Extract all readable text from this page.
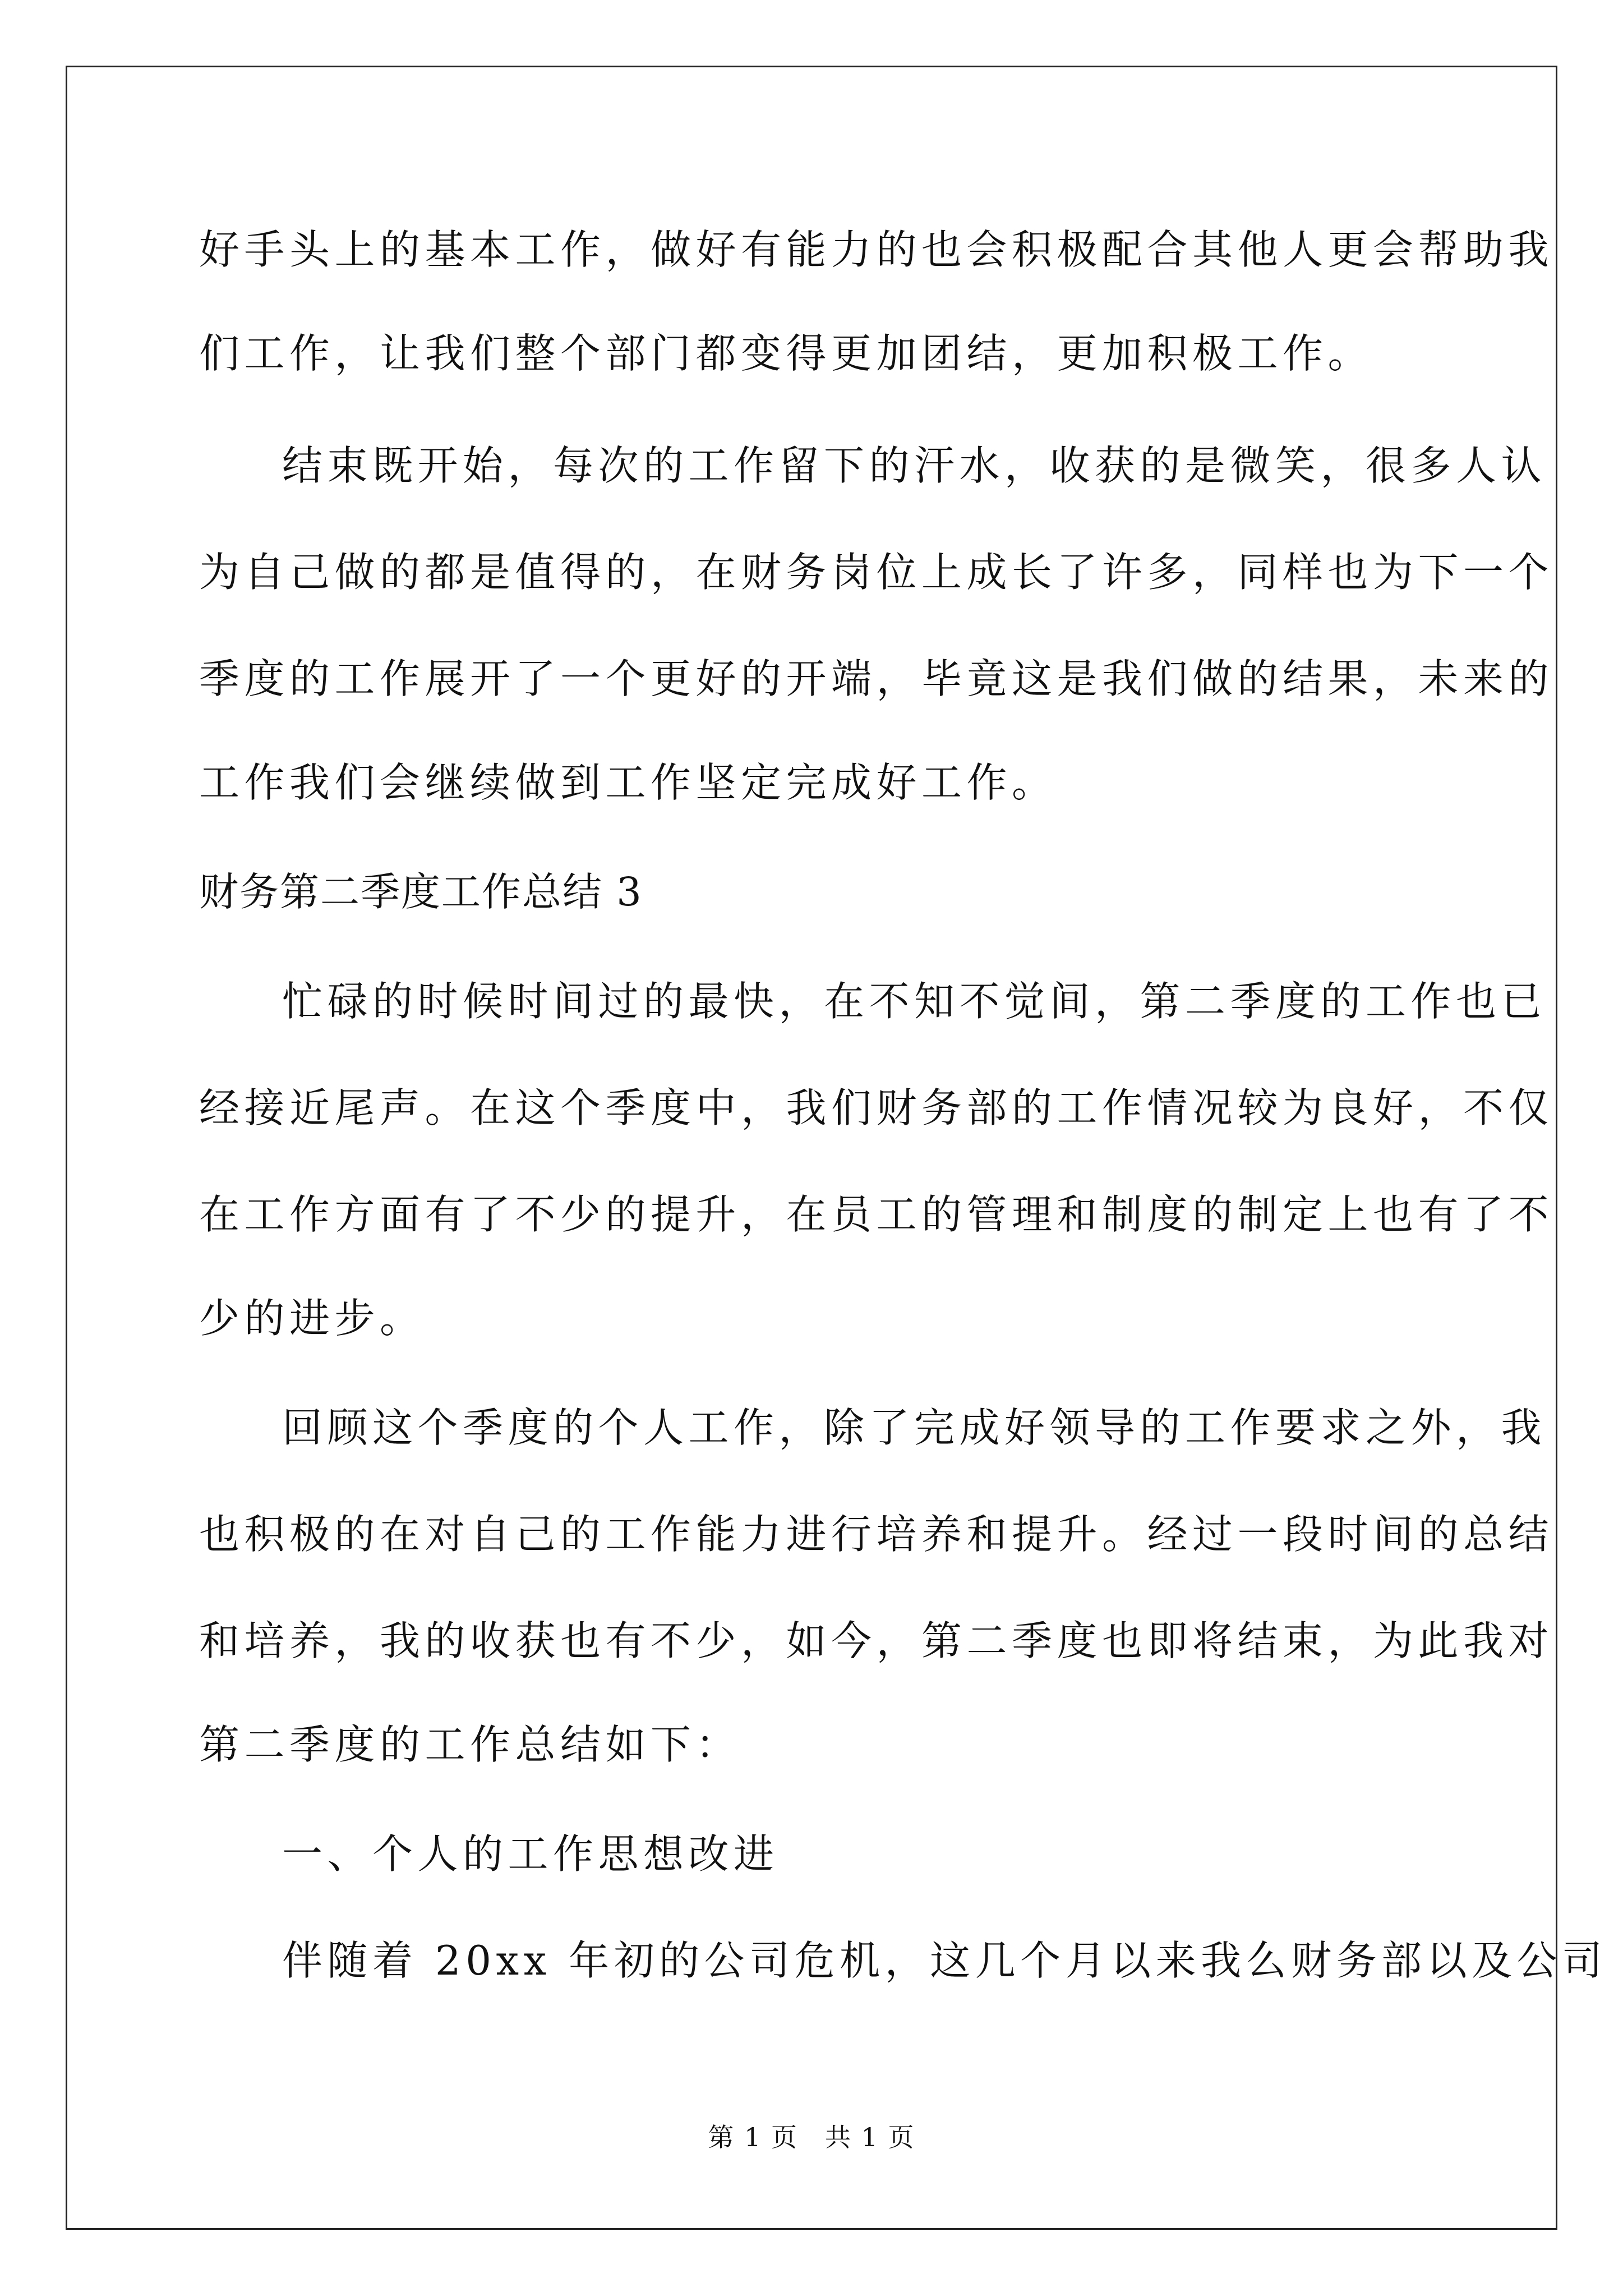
好手头上的基本工作，做好有能力的也会积极配合其他人更会帮助我
们工作，让我们整个部门都变得更加团结，更加积极工作。
结束既开始，每次的工作留下的汗水，收获的是微笑，很多人认
为自己做的都是值得的，在财务岗位上成长了许多，同样也为下一个
季度的工作展开了一个更好的开端，毕竟这是我们做的结果，未来的
工作我们会继续做到工作坚定完成好工作。
财务第二季度工作总结 3
忙碌的时候时间过的最快，在不知不觉间，第二季度的工作也已
经接近尾声。在这个季度中，我们财务部的工作情况较为良好，不仅
在工作方面有了不少的提升，在员工的管理和制度的制定上也有了不
少的进步。
回顾这个季度的个人工作，除了完成好领导的工作要求之外，我
也积极的在对自己的工作能力进行培养和提升。经过一段时间的总结
和培养，我的收获也有不少，如今，第二季度也即将结束，为此我对
第二季度的工作总结如下：
一、个人的工作思想改进
伴随着 20xx 年初的公司危机，这几个月以来我么财务部以及公司
第 1 页　共 1 页
